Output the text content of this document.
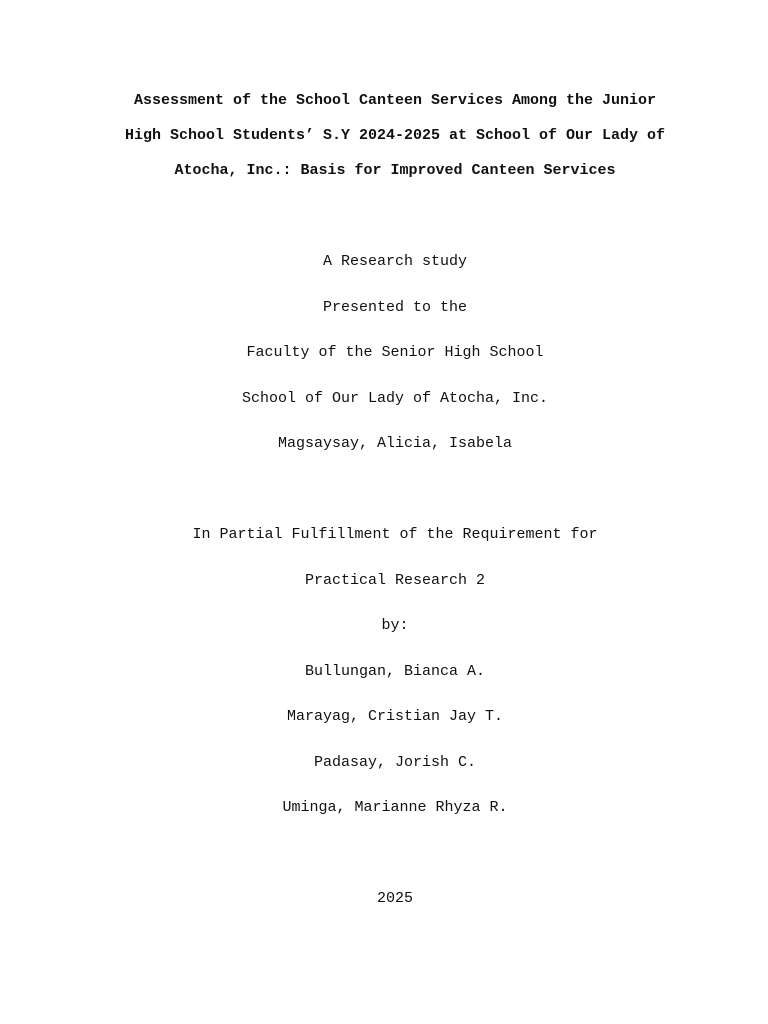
Assessment of the School Canteen Services Among the Junior
High School Students’ S.Y 2024-2025 at School of Our Lady of
Atocha, Inc.: Basis for Improved Canteen Services
A Research study
Presented to the
Faculty of the Senior High School
School of Our Lady of Atocha, Inc.
Magsaysay, Alicia, Isabela
In Partial Fulfillment of the Requirement for
Practical Research 2
by:
Bullungan, Bianca A.
Marayag, Cristian Jay T.
Padasay, Jorish C.
Uminga, Marianne Rhyza R.
2025
